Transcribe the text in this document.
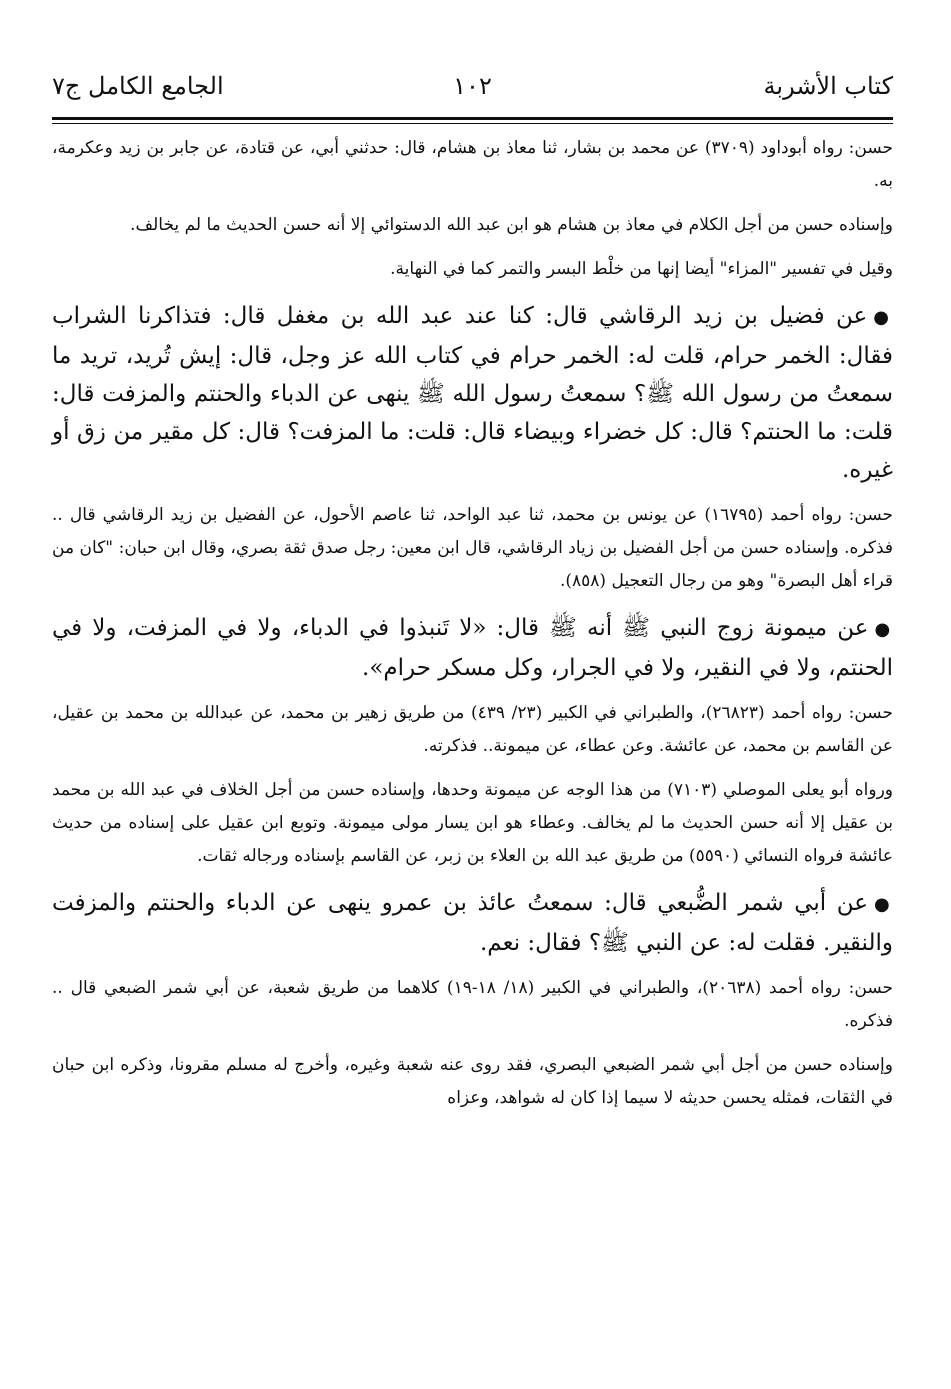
كتاب الأشربة
١٠٢
الجامع الكامل ج٧

حسن: رواه أبوداود (٣٧٠٩) عن محمد بن بشار، ثنا معاذ بن هشام، قال: حدثني أبي، عن قتادة، عن جابر بن زيد وعكرمة، به.

وإسناده حسن من أجل الكلام في معاذ بن هشام هو ابن عبد الله الدستوائي إلا أنه حسن الحديث ما لم يخالف.

وقيل في تفسير "المزاء" أيضا إنها من خلْط البسر والتمر كما في النهاية.

●عن فضيل بن زيد الرقاشي قال: كنا عند عبد الله بن مغفل قال: فتذاكرنا الشراب فقال: الخمر حرام، قلت له: الخمر حرام في كتاب الله عز وجل، قال: إيش تُريد، تريد ما سمعتُ من رسول الله ﷺ؟ سمعتُ رسول الله ﷺ ينهى عن الدباء والحنتم والمزفت قال: قلت: ما الحنتم؟ قال: كل خضراء وبيضاء قال: قلت: ما المزفت؟ قال: كل مقير من زق أو غيره.

حسن: رواه أحمد (١٦٧٩٥) عن يونس بن محمد، ثنا عبد الواحد، ثنا عاصم الأحول، عن الفضيل بن زيد الرقاشي قال .. فذكره. وإسناده حسن من أجل الفضيل بن زياد الرقاشي، قال ابن معين: رجل صدق ثقة بصري، وقال ابن حبان: "كان من قراء أهل البصرة" وهو من رجال التعجيل (٨٥٨).

●عن ميمونة زوج النبي ﷺ أنه ﷺ قال: «لا تَنبذوا في الدباء، ولا في المزفت، ولا في الحنتم، ولا في النقير، ولا في الجرار، وكل مسكر حرام».

حسن: رواه أحمد (٢٦٨٢٣)، والطبراني في الكبير (٢٣/ ٤٣٩) من طريق زهير بن محمد، عن عبدالله بن محمد بن عقيل، عن القاسم بن محمد، عن عائشة. وعن عطاء، عن ميمونة.. فذكرته.

ورواه أبو يعلى الموصلي (٧١٠٣) من هذا الوجه عن ميمونة وحدها، وإسناده حسن من أجل الخلاف في عبد الله بن محمد بن عقيل إلا أنه حسن الحديث ما لم يخالف. وعطاء هو ابن يسار مولى ميمونة. وتوبع ابن عقيل على إسناده من حديث عائشة فرواه النسائي (٥٥٩٠) من طريق عبد الله بن العلاء بن زبر، عن القاسم بإسناده ورجاله ثقات.

●عن أبي شمر الضُّبعي قال: سمعتُ عائذ بن عمرو ينهى عن الدباء والحنتم والمزفت والنقير. فقلت له: عن النبي ﷺ؟ فقال: نعم.

حسن: رواه أحمد (٢٠٦٣٨)، والطبراني في الكبير (١٨/ ١٨-١٩) كلاهما من طريق شعبة، عن أبي شمر الضبعي قال .. فذكره.

وإسناده حسن من أجل أبي شمر الضبعي البصري، فقد روى عنه شعبة وغيره، وأخرج له مسلم مقرونا، وذكره ابن حبان في الثقات، فمثله يحسن حديثه لا سيما إذا كان له شواهد، وعزاه
